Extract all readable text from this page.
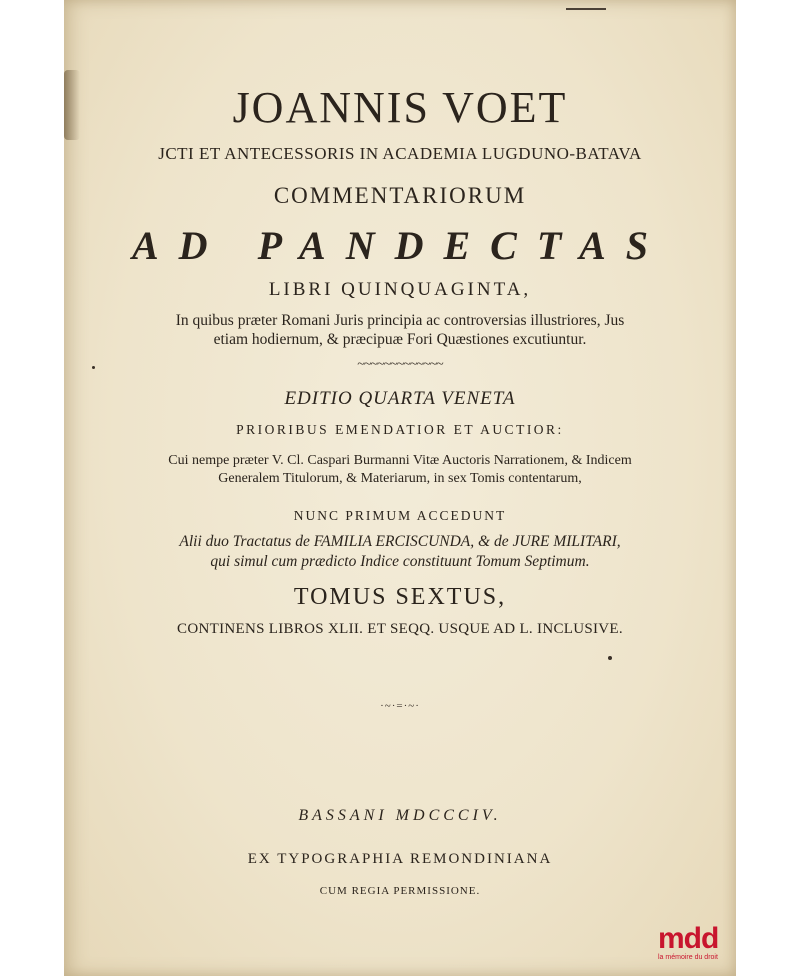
JOANNIS VOET
JCTI ET ANTECESSORIS IN ACADEMIA LUGDUNO-BATAVA
COMMENTARIORUM
AD PANDECTAS
LIBRI QUINQUAGINTA,
In quibus præter Romani Juris principia ac controversias illustriores, Jus
etiam hodiernum, & præcipuæ Fori Quæstiones excutiuntur.
~~~~~~~~~~~~~
EDITIO QUARTA VENETA
PRIORIBUS EMENDATIOR ET AUCTIOR:
Cui nempe præter V. Cl. Caspari Burmanni Vitæ Auctoris Narrationem, & Indicem
Generalem Titulorum, & Materiarum, in sex Tomis contentarum,
NUNC PRIMUM ACCEDUNT
Alii duo Tractatus de FAMILIA ERCISCUNDA, & de JURE MILITARI,
qui simul cum prædicto Indice constituunt Tomum Septimum.
TOMUS SEXTUS,
CONTINENS LIBROS XLII. ET SEQQ. USQUE AD L. INCLUSIVE.
·~·=·~·
BASSANI MDCCCIV.
EX TYPOGRAPHIA REMONDINIANA
CUM REGIA PERMISSIONE.
mdd
la mémoire du droit
